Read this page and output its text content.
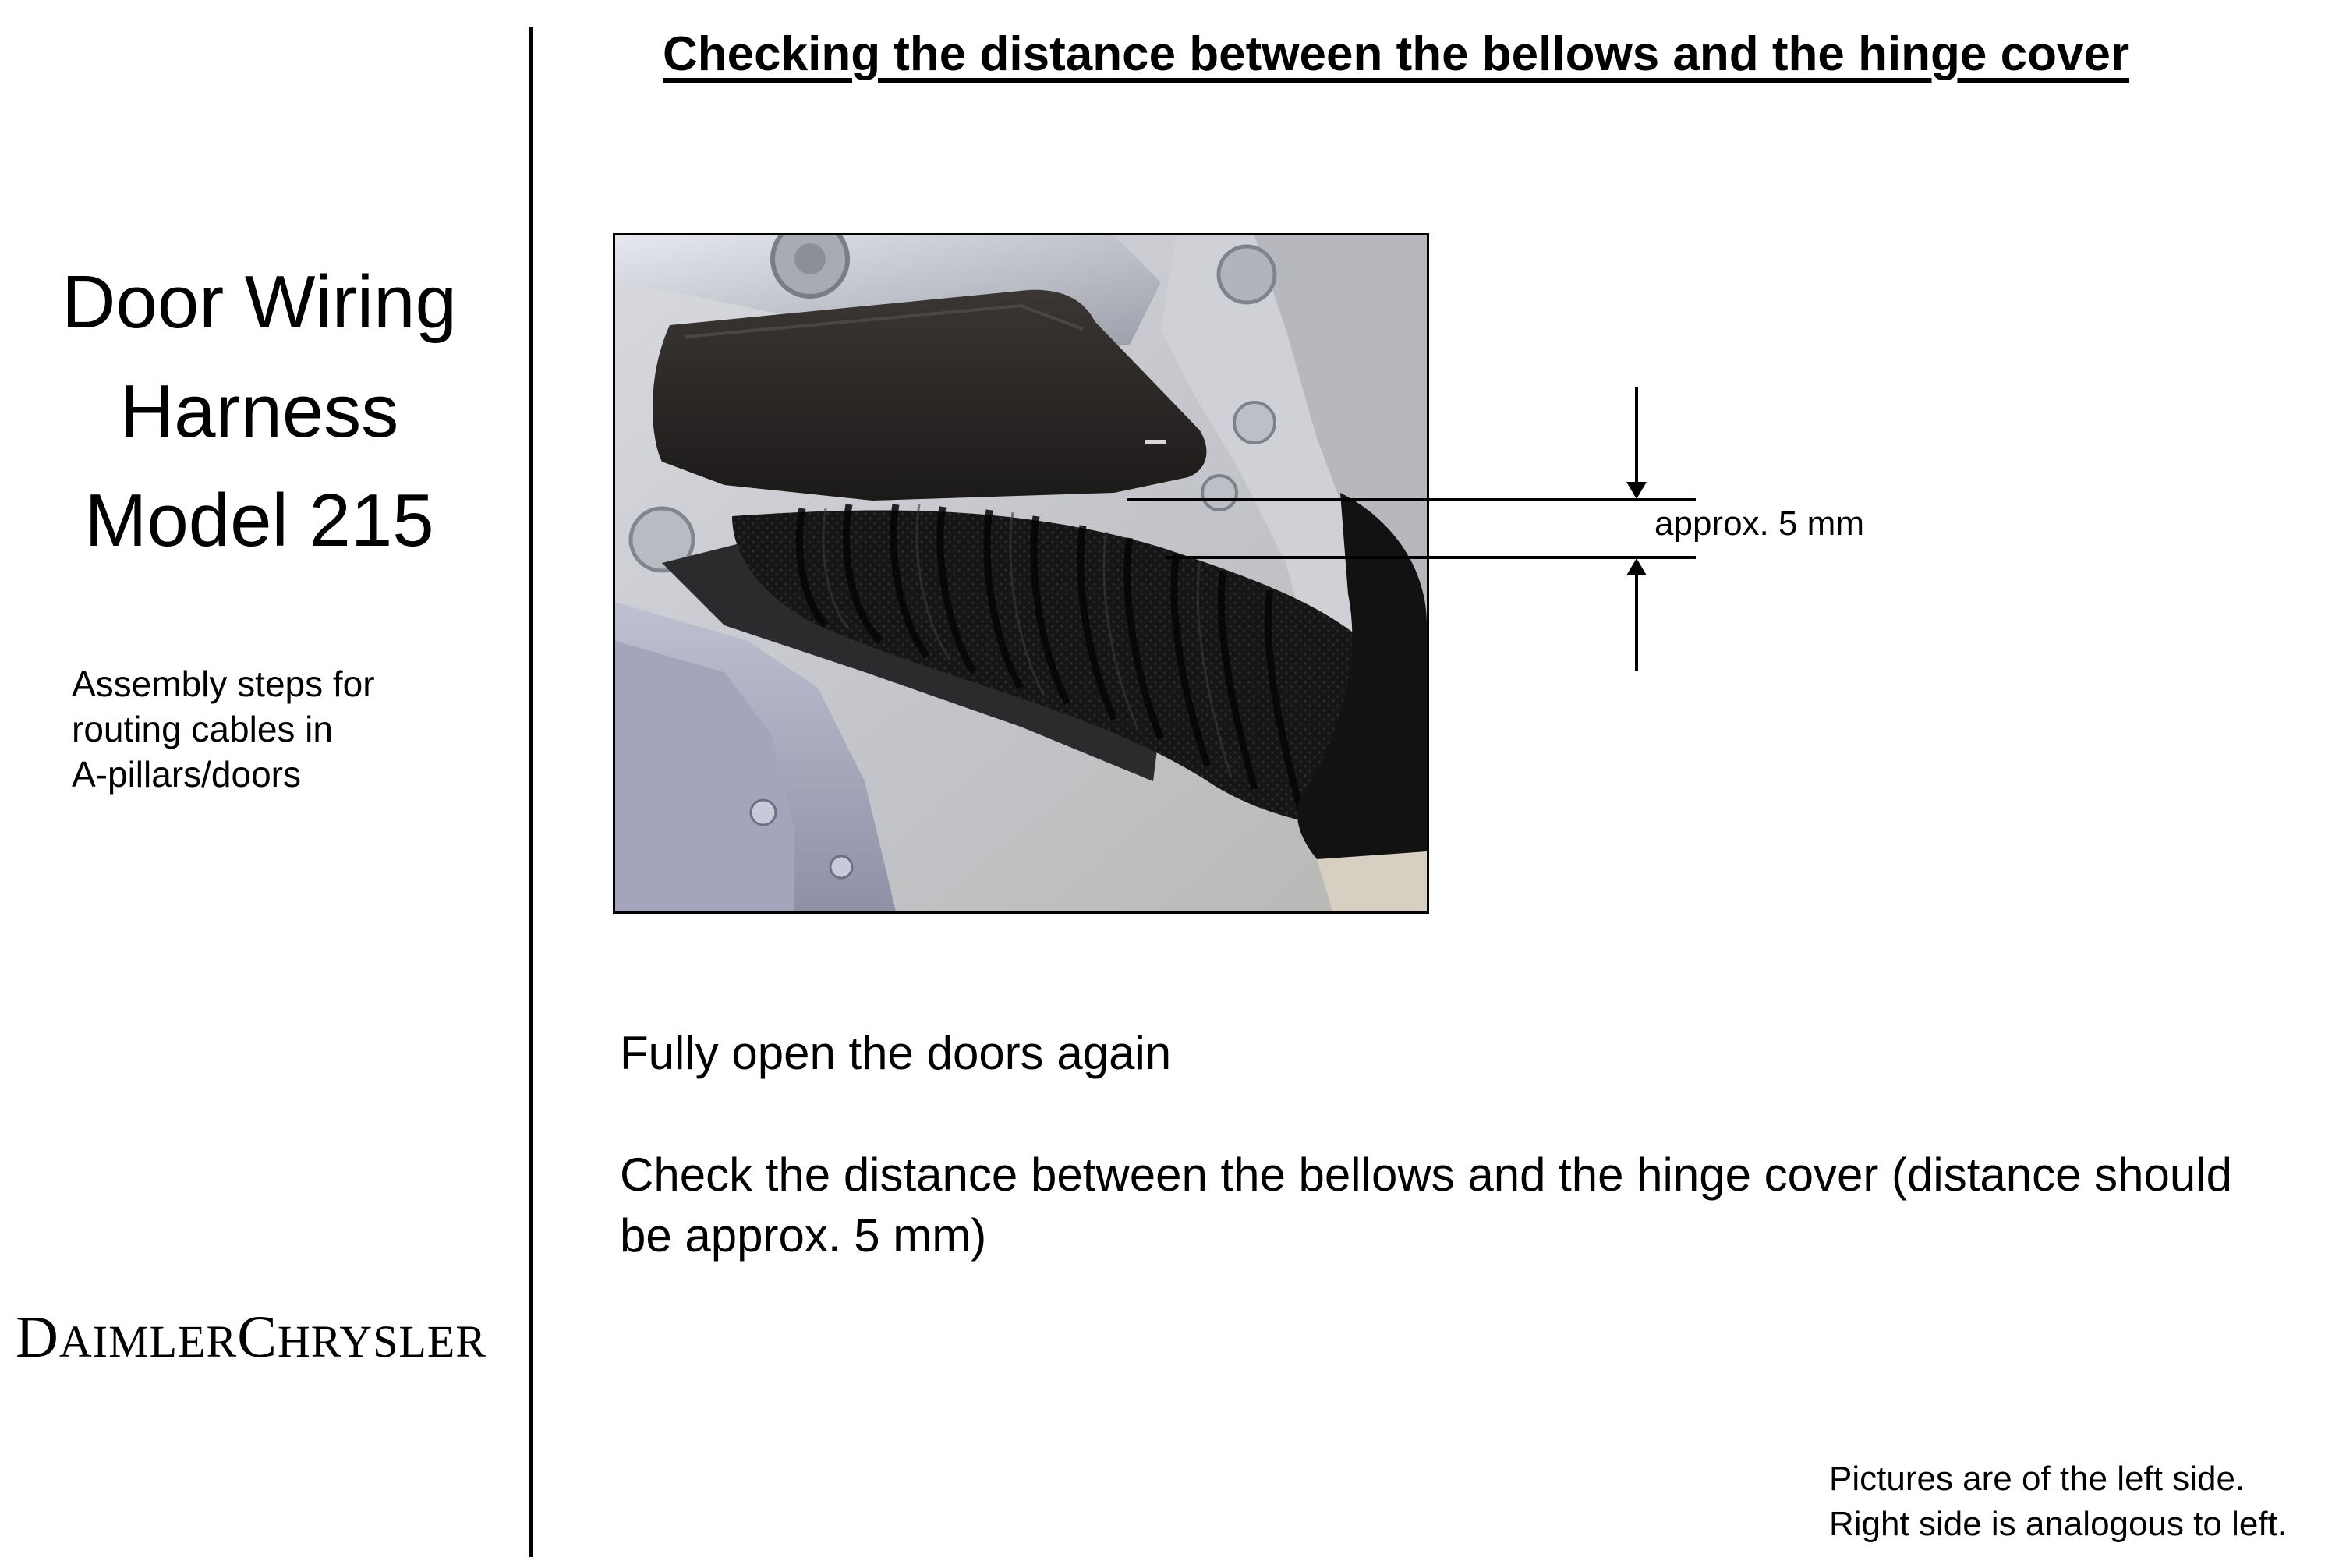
Door Wiring
Harness
Model 215
Assembly steps for
routing cables in
A-pillars/doors
DAIMLERCHRYSLER
Checking the distance between the bellows and the hinge cover
approx. 5 mm

Fully open the doors again

Check the distance between the bellows and the hinge cover (distance should be approx. 5 mm)

Pictures are of the left side.
Right side is analogous to left.
